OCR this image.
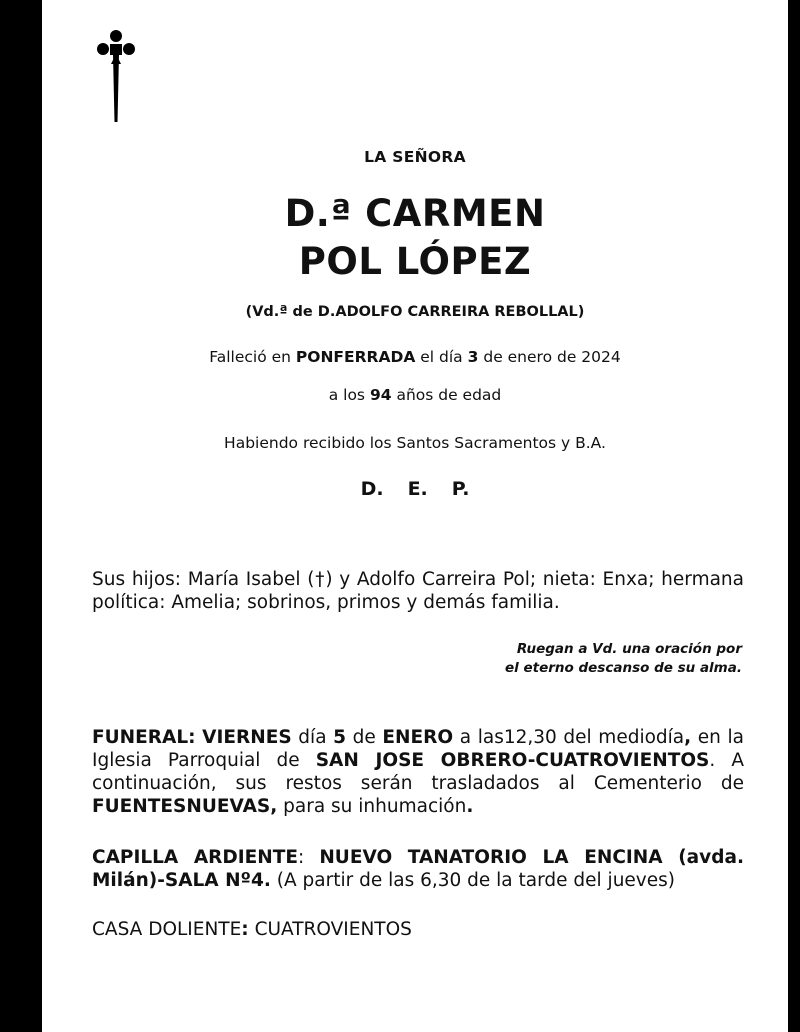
LA SEÑORA
D.ª CARMEN
POL LÓPEZ
(Vd.ª de D.ADOLFO CARREIRA REBOLLAL)
Falleció en PONFERRADA el día 3 de enero de 2024
a los 94 años de edad
Habiendo recibido los Santos Sacramentos y B.A.
D. E. P.
Sus hijos: María Isabel (†) y Adolfo Carreira Pol; nieta: Enxa; hermana política: Amelia; sobrinos, primos y demás familia.
Ruegan a Vd. una oración por
el eterno descanso de su alma.
FUNERAL: VIERNES día 5 de ENERO a las12,30 del mediodía, en la Iglesia Parroquial de SAN JOSE OBRERO-CUATROVIENTOS. A continuación, sus restos serán trasladados al Cementerio de FUENTESNUEVAS, para su inhumación.
CAPILLA ARDIENTE: NUEVO TANATORIO LA ENCINA (avda. Milán)-SALA Nº4. (A partir de las 6,30 de la tarde del jueves)
CASA DOLIENTE: CUATROVIENTOS
